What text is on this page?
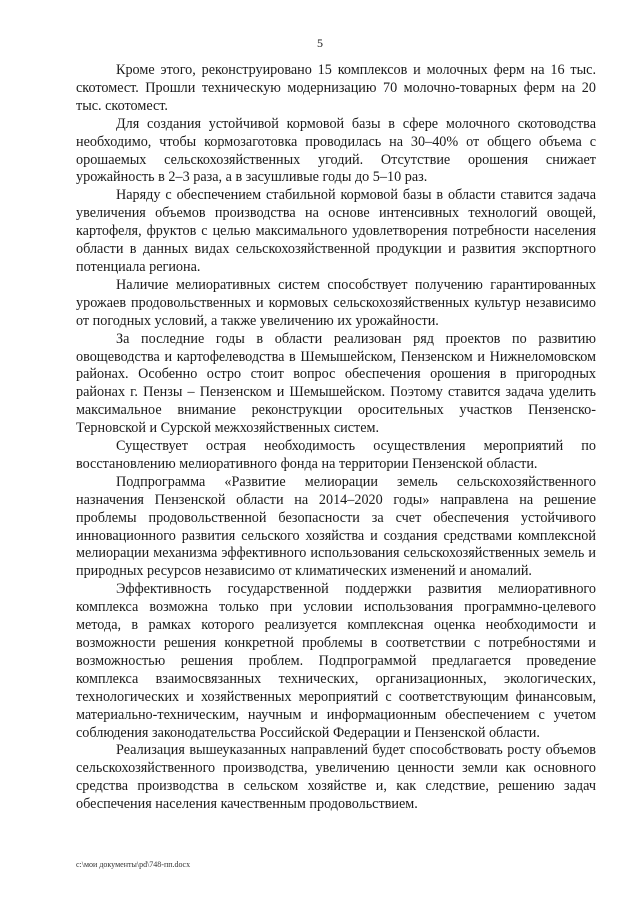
5

Кроме этого, реконструировано 15 комплексов и молочных ферм на 16 тыс. скотомест. Прошли техническую модернизацию 70 молочно-товарных ферм на 20 тыс. скотомест.

Для создания устойчивой кормовой базы в сфере молочного скотоводства необходимо, чтобы кормозаготовка проводилась на 30–40% от общего объема с орошаемых сельскохозяйственных угодий. Отсутствие орошения снижает урожайность в 2–3 раза, а в засушливые годы до 5–10 раз.

Наряду с обеспечением стабильной кормовой базы в области ставится задача увеличения объемов производства на основе интенсивных технологий овощей, картофеля, фруктов с целью максимального удовлетворения потребности населения области в данных видах сельскохозяйственной продукции и развития экспортного потенциала региона.

Наличие мелиоративных систем способствует получению гарантированных урожаев продовольственных и кормовых сельскохозяйственных культур независимо от погодных условий, а также увеличению их урожайности.

За последние годы в области реализован ряд проектов по развитию овощеводства и картофелеводства в Шемышейском, Пензенском и Нижнеломовском районах. Особенно остро стоит вопрос обеспечения орошения в пригородных районах г. Пензы – Пензенском и Шемышейском. Поэтому ставится задача уделить максимальное внимание реконструкции оросительных участков Пензенско-Терновской и Сурской межхозяйственных систем.

Существует острая необходимость осуществления мероприятий по восстановлению мелиоративного фонда на территории Пензенской области.

Подпрограмма «Развитие мелиорации земель сельскохозяйственного назначения Пензенской области на 2014–2020 годы» направлена на решение проблемы продовольственной безопасности за счет обеспечения устойчивого инновационного развития сельского хозяйства и создания средствами комплексной мелиорации механизма эффективного использования сельскохозяйственных земель и природных ресурсов независимо от климатических изменений и аномалий.

Эффективность государственной поддержки развития мелиоративного комплекса возможна только при условии использования программно-целевого метода, в рамках которого реализуется комплексная оценка необходимости и возможности решения конкретной проблемы в соответствии с потребностями и возможностью решения проблем. Подпрограммой предлагается проведение комплекса взаимосвязанных технических, организационных, экологических, технологических и хозяйственных мероприятий с соответствующим финансовым, материально-техническим, научным и информационным обеспечением с учетом соблюдения законодательства Российской Федерации и Пензенской области.

Реализация вышеуказанных направлений будет способствовать росту объемов сельскохозяйственного производства, увеличению ценности земли как основного средства производства в сельском хозяйстве и, как следствие, решению задач обеспечения населения качественным продовольствием.

c:\мои документы\pd\748-пп.docx
